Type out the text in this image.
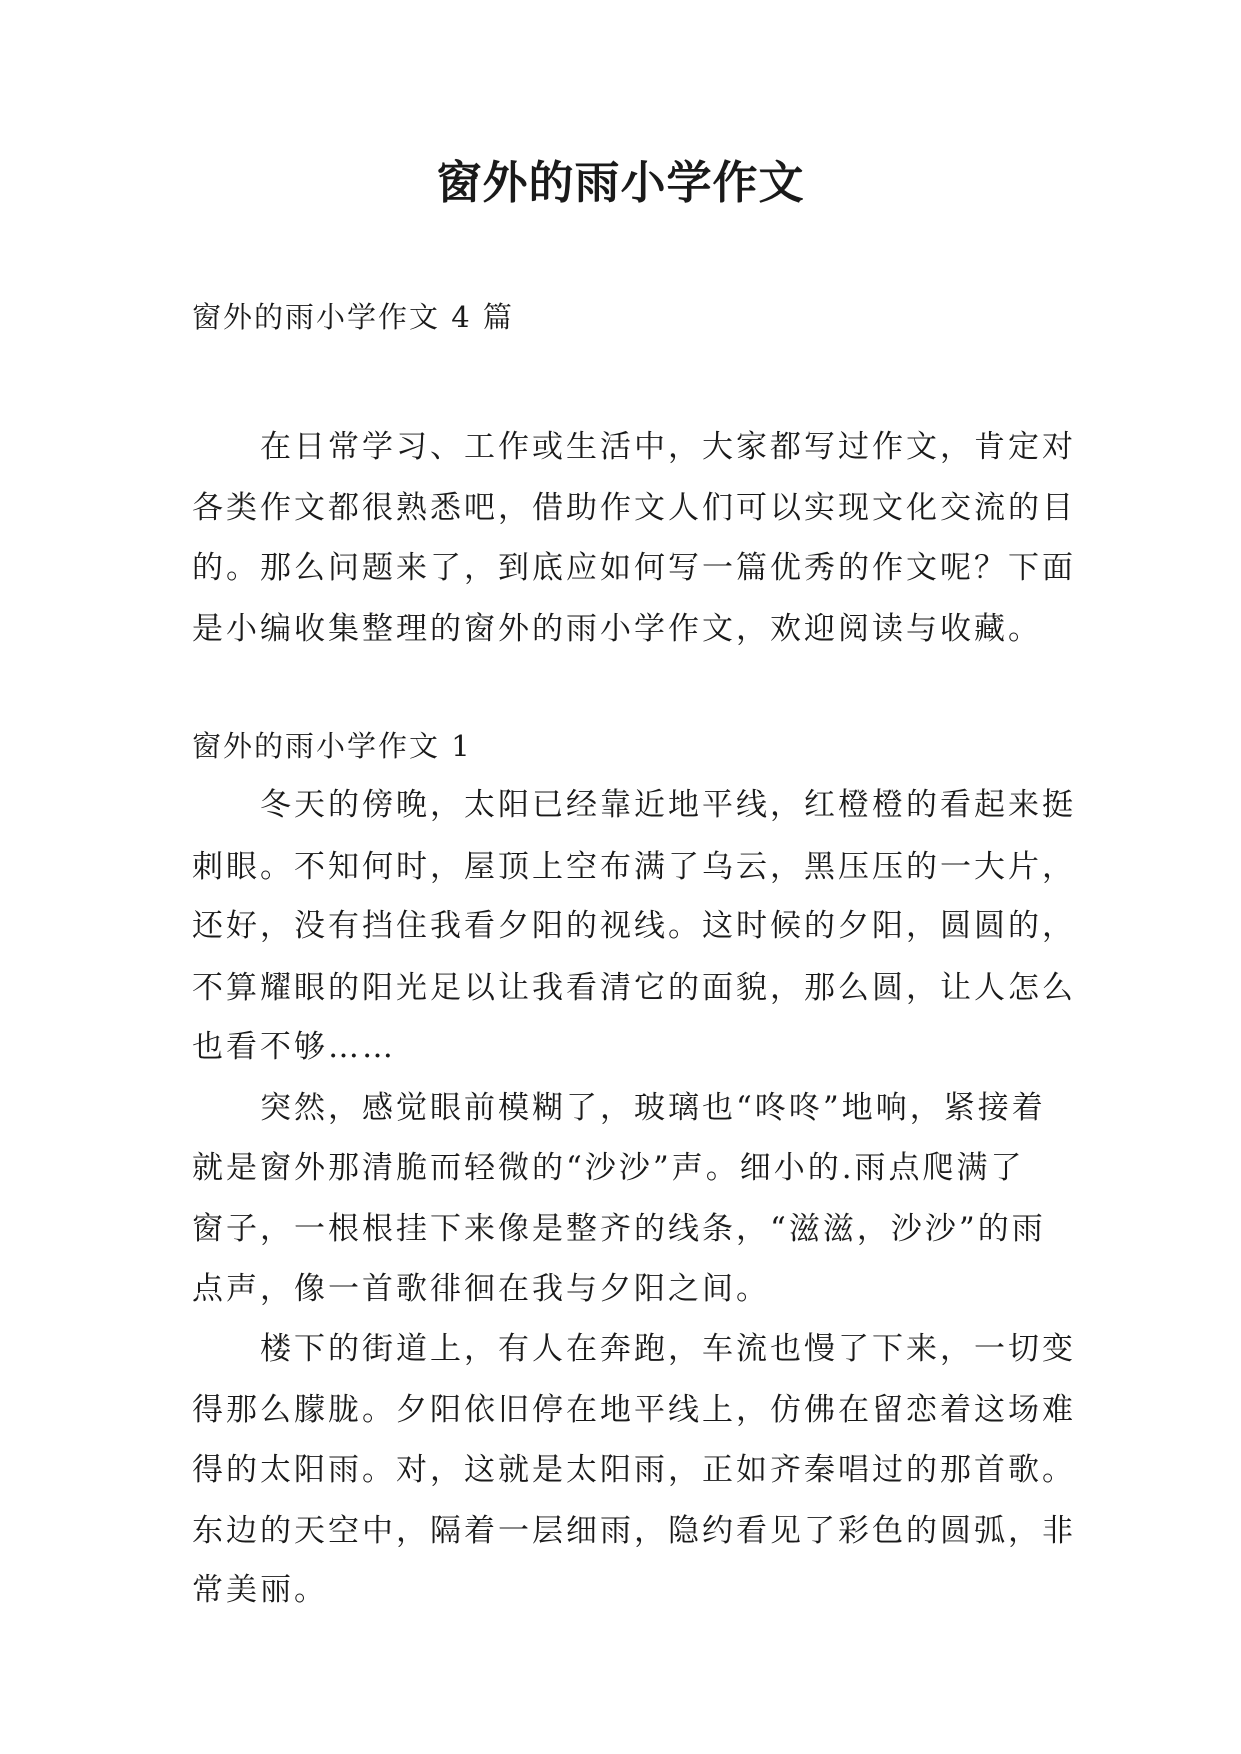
窗外的雨小学作文

窗外的雨小学作文 4 篇

　　在日常学习、工作或生活中，大家都写过作文，肯定对

各类作文都很熟悉吧，借助作文人们可以实现文化交流的目

的。那么问题来了，到底应如何写一篇优秀的作文呢？下面

是小编收集整理的窗外的雨小学作文，欢迎阅读与收藏。

窗外的雨小学作文 1

　　冬天的傍晚，太阳已经靠近地平线，红橙橙的看起来挺

刺眼。不知何时，屋顶上空布满了乌云，黑压压的一大片，

还好，没有挡住我看夕阳的视线。这时候的夕阳，圆圆的，

不算耀眼的阳光足以让我看清它的面貌，那么圆，让人怎么

也看不够……

　　突然，感觉眼前模糊了，玻璃也“咚咚”地响，紧接着

就是窗外那清脆而轻微的“沙沙”声。细小的.雨点爬满了

窗子，一根根挂下来像是整齐的线条，“滋滋，沙沙”的雨

点声，像一首歌徘徊在我与夕阳之间。

　　楼下的街道上，有人在奔跑，车流也慢了下来，一切变

得那么朦胧。夕阳依旧停在地平线上，仿佛在留恋着这场难

得的太阳雨。对，这就是太阳雨，正如齐秦唱过的那首歌。

东边的天空中，隔着一层细雨，隐约看见了彩色的圆弧，非

常美丽。
